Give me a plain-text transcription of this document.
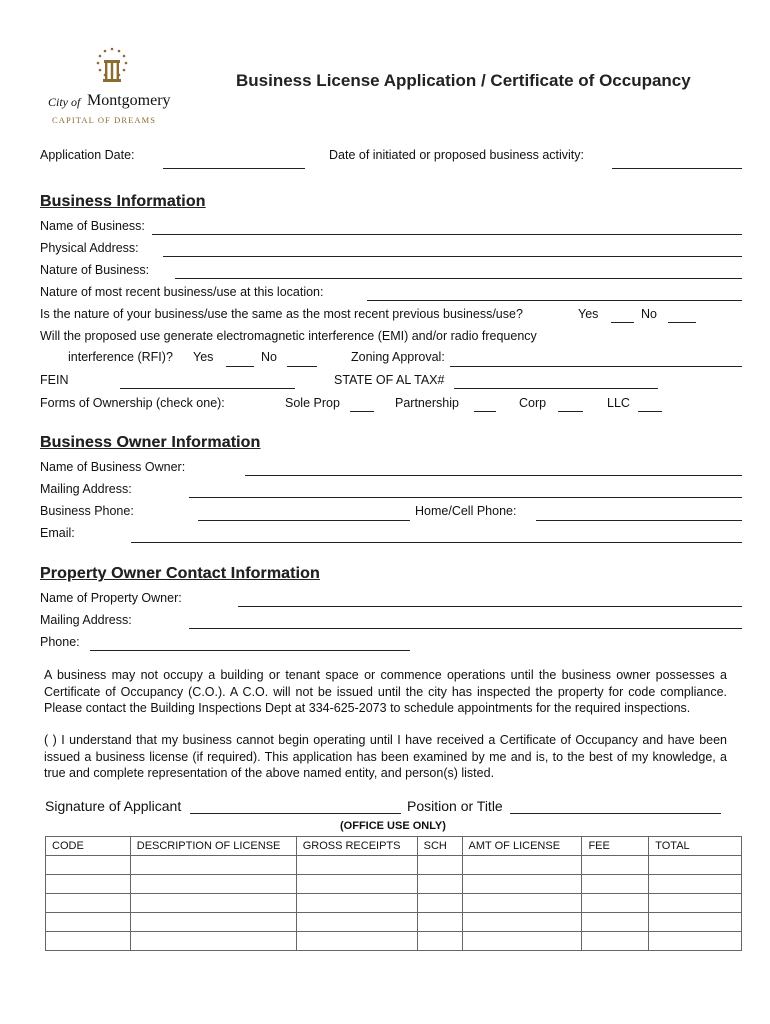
City of Montgomery
CAPITAL OF DREAMS
Business License Application / Certificate of Occupancy
Application Date:	Date of initiated or proposed business activity:
Business Information
Name of Business:
Physical Address:
Nature of Business:
Nature of most recent business/use at this location:
Is the nature of your business/use the same as the most recent previous business/use?	Yes	No
Will the proposed use generate electromagnetic interference (EMI) and/or radio frequency
interference (RFI)? Yes	No	Zoning Approval:
FEIN	STATE OF AL TAX#
Forms of Ownership (check one):	Sole Prop	Partnership	Corp	LLC
Business Owner Information
Name of Business Owner:
Mailing Address:
Business Phone:	Home/Cell Phone:
Email:
Property Owner Contact Information
Name of Property Owner:
Mailing Address:
Phone:
A business may not occupy a building or tenant space or commence operations until the business owner possesses a Certificate of Occupancy (C.O.). A C.O. will not be issued until the city has inspected the property for code compliance. Please contact the Building Inspections Dept at 334-625-2073 to schedule appointments for the required inspections.
( ) I understand that my business cannot begin operating until I have received a Certificate of Occupancy and have been issued a business license (if required). This application has been examined by me and is, to the best of my knowledge, a true and complete representation of the above named entity, and person(s) listed.
Signature of Applicant	Position or Title
(OFFICE USE ONLY)
CODE	DESCRIPTION OF LICENSE	GROSS RECEIPTS	SCH	AMT OF LICENSE	FEE	TOTAL
